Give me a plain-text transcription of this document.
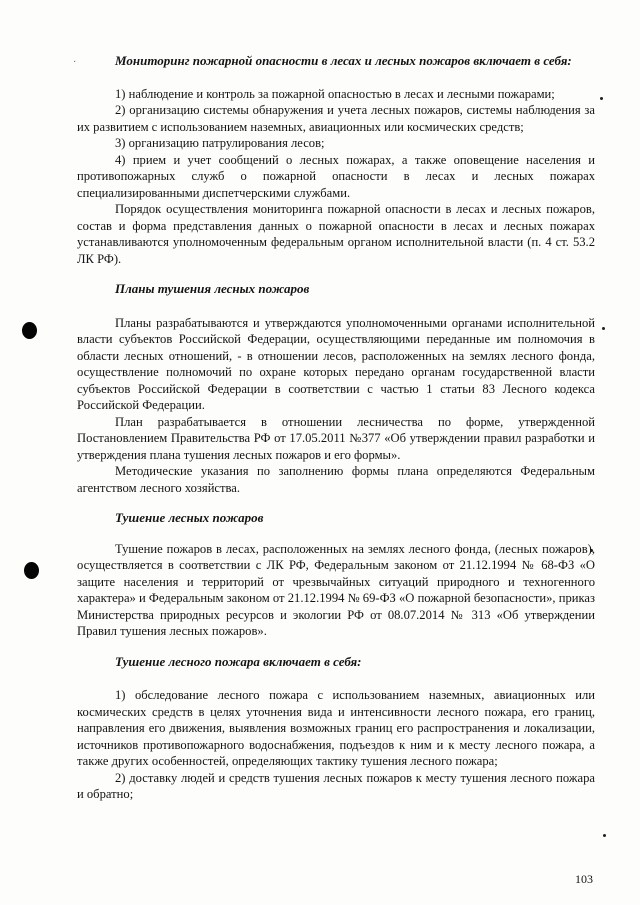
·	Мониторинг пожарной опасности в лесах и лесных пожаров включает в себя:

1) наблюдение и контроль за пожарной опасностью в лесах и лесными пожарами;

2) организацию системы обнаружения и учета лесных пожаров, системы наблюдения за их развитием с использованием наземных, авиационных или космических средств;

3) организацию патрулирования лесов;

4) прием и учет сообщений о лесных пожарах, а также оповещение населения и противопожарных служб о пожарной опасности в лесах и лесных пожарах специализированными диспетчерскими службами.

Порядок осуществления мониторинга пожарной опасности в лесах и лесных пожаров, состав и форма представления данных о пожарной опасности в лесах и лесных пожарах устанавливаются уполномоченным федеральным органом исполнительной власти (п. 4 ст. 53.2 ЛК РФ).

Планы тушения лесных пожаров

Планы разрабатываются и утверждаются уполномоченными органами исполнительной власти субъектов Российской Федерации, осуществляющими переданные им полномочия в области лесных отношений, - в отношении лесов, расположенных на землях лесного фонда, осуществление полномочий по охране которых передано органам государственной власти субъектов Российской Федерации в соответствии с частью 1 статьи 83 Лесного кодекса Российской Федерации.

План разрабатывается в отношении лесничества по форме, утвержденной Постановлением Правительства РФ от 17.05.2011 №377 «Об утверждении правил разработки и утверждения плана тушения лесных пожаров и его формы».

Методические указания по заполнению формы плана определяются Федеральным агентством лесного хозяйства.

Тушение лесных пожаров

Тушение пожаров в лесах, расположенных на землях лесного фонда, (лесных пожаров), осуществляется в соответствии с ЛК РФ, Федеральным законом от 21.12.1994 № 68-ФЗ «О защите населения и территорий от чрезвычайных ситуаций природного и техногенного характера» и Федеральным законом от 21.12.1994 № 69-ФЗ «О пожарной безопасности», приказ Министерства природных ресурсов и экологии РФ от 08.07.2014 № 313 «Об утверждении Правил тушения лесных пожаров».

Тушение лесного пожара включает в себя:

1) обследование лесного пожара с использованием наземных, авиационных или космических средств в целях уточнения вида и интенсивности лесного пожара, его границ, направления его движения, выявления возможных границ его распространения и локализации, источников противопожарного водоснабжения, подъездов к ним и к месту лесного пожара, а также других особенностей, определяющих тактику тушения лесного пожара;

2) доставку людей и средств тушения лесных пожаров к месту тушения лесного пожара и обратно;

103
